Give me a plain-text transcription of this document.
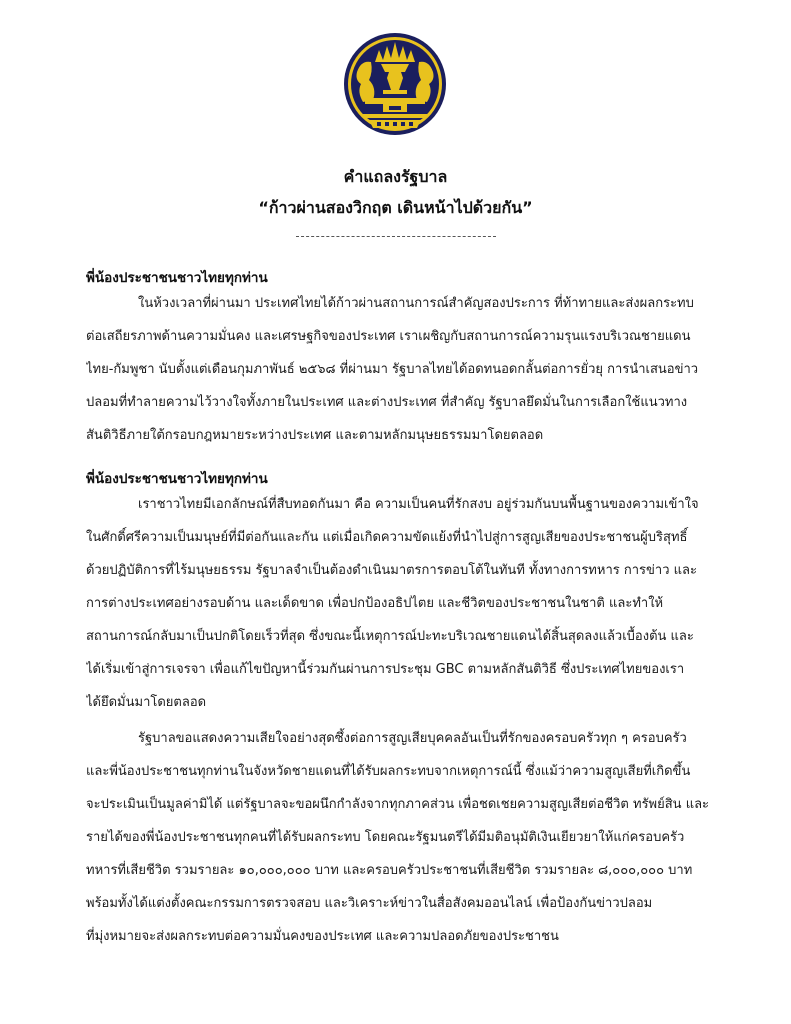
คำแถลงรัฐบาล
“ก้าวผ่านสองวิกฤต เดินหน้าไปด้วยกัน”
พี่น้องประชาชนชาวไทยทุกท่าน
ในห้วงเวลาที่ผ่านมา ประเทศไทยได้ก้าวผ่านสถานการณ์สำคัญสองประการ ที่ท้าทายและส่งผลกระทบ
ต่อเสถียรภาพด้านความมั่นคง และเศรษฐกิจของประเทศ เราเผชิญกับสถานการณ์ความรุนแรงบริเวณชายแดน
ไทย-กัมพูชา นับตั้งแต่เดือนกุมภาพันธ์ ๒๕๖๘ ที่ผ่านมา รัฐบาลไทยได้อดทนอดกลั้นต่อการยั่วยุ การนำเสนอข่าว
ปลอมที่ทำลายความไว้วางใจทั้งภายในประเทศ และต่างประเทศ ที่สำคัญ รัฐบาลยึดมั่นในการเลือกใช้แนวทาง
สันติวิธีภายใต้กรอบกฎหมายระหว่างประเทศ และตามหลักมนุษยธรรมมาโดยตลอด
พี่น้องประชาชนชาวไทยทุกท่าน
เราชาวไทยมีเอกลักษณ์ที่สืบทอดกันมา คือ ความเป็นคนที่รักสงบ อยู่ร่วมกันบนพื้นฐานของความเข้าใจ
ในศักดิ์ศรีความเป็นมนุษย์ที่มีต่อกันและกัน แต่เมื่อเกิดความขัดแย้งที่นำไปสู่การสูญเสียของประชาชนผู้บริสุทธิ์
ด้วยปฏิบัติการที่ไร้มนุษยธรรม รัฐบาลจำเป็นต้องดำเนินมาตรการตอบโต้ในทันที ทั้งทางการทหาร การข่าว และ
การต่างประเทศอย่างรอบด้าน และเด็ดขาด เพื่อปกป้องอธิปไตย และชีวิตของประชาชนในชาติ และทำให้
สถานการณ์กลับมาเป็นปกติโดยเร็วที่สุด ซึ่งขณะนี้เหตุการณ์ปะทะบริเวณชายแดนได้สิ้นสุดลงแล้วเบื้องต้น และ
ได้เริ่มเข้าสู่การเจรจา เพื่อแก้ไขปัญหานี้ร่วมกันผ่านการประชุม GBC ตามหลักสันติวิธี ซึ่งประเทศไทยของเรา
ได้ยึดมั่นมาโดยตลอด
รัฐบาลขอแสดงความเสียใจอย่างสุดซึ้งต่อการสูญเสียบุคคลอันเป็นที่รักของครอบครัวทุก ๆ ครอบครัว
และพี่น้องประชาชนทุกท่านในจังหวัดชายแดนที่ได้รับผลกระทบจากเหตุการณ์นี้ ซึ่งแม้ว่าความสูญเสียที่เกิดขึ้น
จะประเมินเป็นมูลค่ามิได้ แต่รัฐบาลจะขอผนึกกำลังจากทุกภาคส่วน เพื่อชดเชยความสูญเสียต่อชีวิต ทรัพย์สิน และ
รายได้ของพี่น้องประชาชนทุกคนที่ได้รับผลกระทบ โดยคณะรัฐมนตรีได้มีมติอนุมัติเงินเยียวยาให้แก่ครอบครัว
ทหารที่เสียชีวิต รวมรายละ ๑๐,๐๐๐,๐๐๐ บาท และครอบครัวประชาชนที่เสียชีวิต รวมรายละ ๘,๐๐๐,๐๐๐ บาท
พร้อมทั้งได้แต่งตั้งคณะกรรมการตรวจสอบ และวิเคราะห์ข่าวในสื่อสังคมออนไลน์ เพื่อป้องกันข่าวปลอม
ที่มุ่งหมายจะส่งผลกระทบต่อความมั่นคงของประเทศ และความปลอดภัยของประชาชน
